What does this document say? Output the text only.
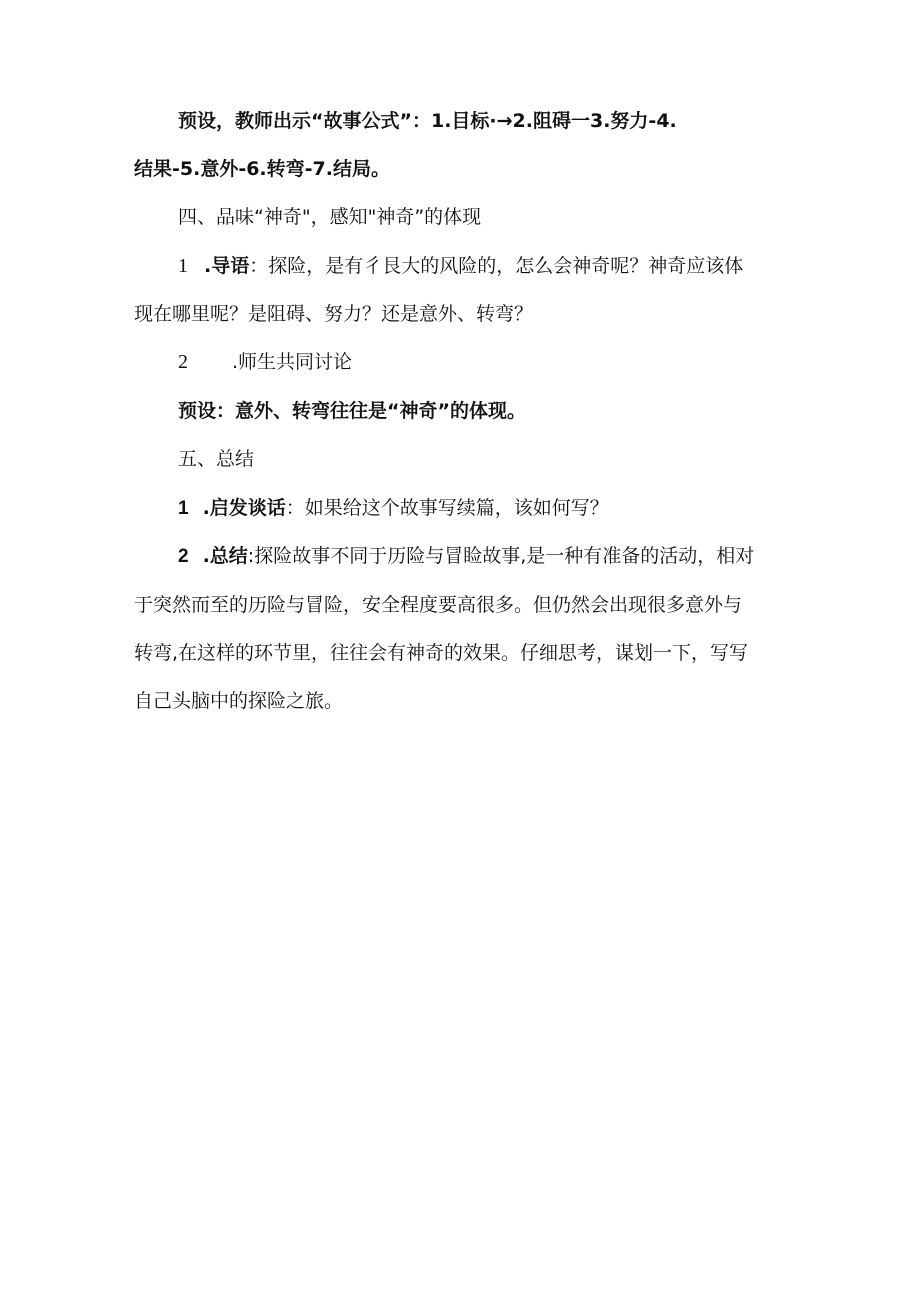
预设，教师出示“故事公式”：1.目标·→2.阻碍一3.努力-4.
结果-5.意外-6.转弯-7.结局。
四、品味“神奇"，感知"神奇”的体现
1 .导语：探险，是有彳艮大的风险的，怎么会神奇呢？神奇应该体
现在哪里呢？是阻碍、努力？还是意外、转弯？
2 .师生共同讨论
预设：意外、转弯往往是“神奇”的体现。
五、总结
1 .启发谈话：如果给这个故事写续篇，该如何写？
2 .总结:探险故事不同于历险与冒睑故事,是一种有准备的活动，相对
于突然而至的历险与冒险，安全程度要高很多。但仍然会出现很多意外与
转弯,在这样的环节里，往往会有神奇的效果。仔细思考，谋划一下，写写
自己头脑中的探险之旅。
